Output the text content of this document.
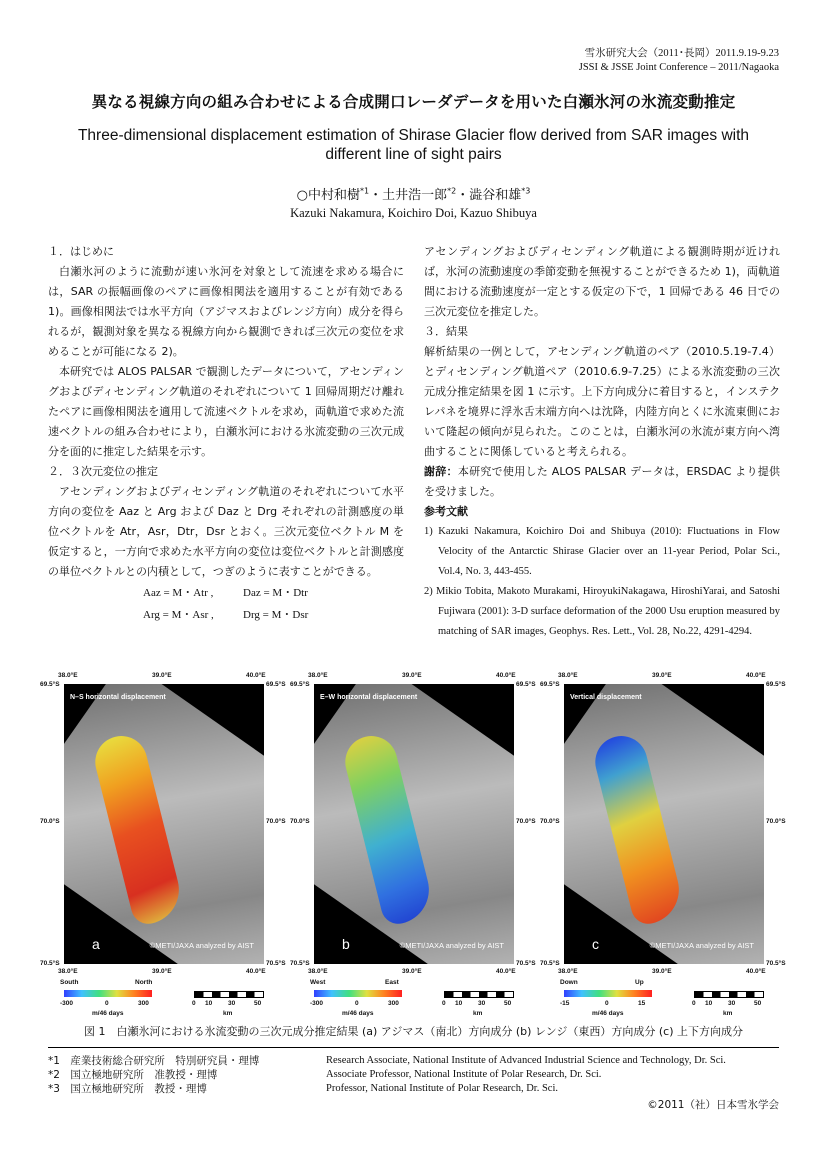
雪氷研究大会（2011･長岡）2011.9.19-9.23
JSSI & JSSE Joint Conference – 2011/Nagaoka
異なる視線方向の組み合わせによる合成開口レーダデータを用いた白瀬氷河の氷流変動推定
Three-dimensional displacement estimation of Shirase Glacier flow derived from SAR images with different line of sight pairs
○中村和樹$^{*1}$・土井浩一郎$^{*2}$・澁谷和雄$^{*3}$
Kazuki Nakamura, Koichiro Doi, Kazuo Shibuya
１．はじめに

白瀬氷河のように流動が速い氷河を対象として流速を求める場合には，SAR の振幅画像のペアに画像相関法を適用することが有効である 1)。画像相関法では水平方向（アジマスおよびレンジ方向）成分を得られるが，観測対象を異なる視線方向から観測できれば三次元の変位を求めることが可能になる 2)。

本研究では ALOS PALSAR で観測したデータについて，アセンディングおよびディセンディング軌道のそれぞれについて 1 回帰周期だけ離れたペアに画像相関法を適用して流速ベクトルを求め，両軌道で求めた流速ベクトルの組み合わせにより，白瀬氷河における氷流変動の三次元成分を面的に推定した結果を示す。

２．３次元変位の推定

アセンディングおよびディセンディング軌道のそれぞれについて水平方向の変位を Aaz と Arg および Daz と Drg それぞれの計測感度の単位ベクトルを Atr，Asr，Dtr，Dsr とおく。三次元変位ベクトル M を仮定すると，一方向で求めた水平方向の変位は変位ベクトルと計測感度の単位ベクトルとの内積として，つぎのように表すことができる。

Aaz = M・Atr ,	Daz = M・Dtr
Arg = M・Asr ,	Drg = M・Dsr

アセンディングおよびディセンディング軌道による観測時期が近ければ，氷河の流動速度の季節変動を無視することができるため 1)，両軌道間における流動速度が一定とする仮定の下で，1 回帰である 46 日での三次元変位を推定した。

３．結果

解析結果の一例として，アセンディング軌道のペア（2010.5.19-7.4）とディセンディング軌道ペア（2010.6.9-7.25）による氷流変動の三次元成分推定結果を図 1 に示す。上下方向成分に着目すると，インステクレパネを境界に浮氷舌末端方向へは沈降，内陸方向とくに氷流東側において隆起の傾向が見られた。このことは，白瀬氷河の氷流が東方向へ湾曲することに関係していると考えられる。

謝辞：本研究で使用した ALOS PALSAR データは，ERSDAC より提供を受けました。

参考文献
1) Kazuki Nakamura, Koichiro Doi and Shibuya (2010): Fluctuations in Flow Velocity of the Antarctic Shirase Glacier over an 11-year Period, Polar Sci., Vol.4, No. 3, 443-455.
2) Mikio Tobita, Makoto Murakami, HiroyukiNakagawa, HiroshiYarai, and Satoshi Fujiwara (2001): 3-D surface deformation of the 2000 Usu eruption measured by matching of SAR images, Geophys. Res. Lett., Vol. 28, No.22, 4291-4294.
38.0°E	39.0°E	40.0°E
69.5°S	69.5°S
70.0°S	70.0°S
70.5°S	70.5°S
N–S horizontal displacement
a	©METI/JAXA analyzed by AIST
38.0°E	39.0°E	40.0°E
South	North
-300	0	300
m/46 days
0 10 30	50
km
38.0°E	39.0°E	40.0°E
69.5°S	69.5°S
70.0°S	70.0°S
70.5°S	70.5°S
E–W horizontal displacement
b	©METI/JAXA analyzed by AIST
38.0°E	39.0°E	40.0°E
West	East
-300	0	300
m/46 days
0 10 30	50
km
38.0°E	39.0°E	40.0°E
69.5°S	69.5°S
70.0°S	70.0°S
70.5°S	70.5°S
Vertical displacement
c	©METI/JAXA analyzed by AIST
38.0°E	39.0°E	40.0°E
Down	Up
-15	0	15
m/46 days
0 10 30	50
km
図 1　白瀬氷河における氷流変動の三次元成分推定結果 (a) アジマス（南北）方向成分 (b) レンジ（東西）方向成分 (c) 上下方向成分
*1　産業技術総合研究所　特別研究員・理博
*2　国立極地研究所　准教授・理博
*3　国立極地研究所　教授・理博
Research Associate, National Institute of Advanced Industrial Science and Technology, Dr. Sci.
Associate Professor, National Institute of Polar Research, Dr. Sci.
Professor, National Institute of Polar Research, Dr. Sci.
©2011（社）日本雪氷学会
